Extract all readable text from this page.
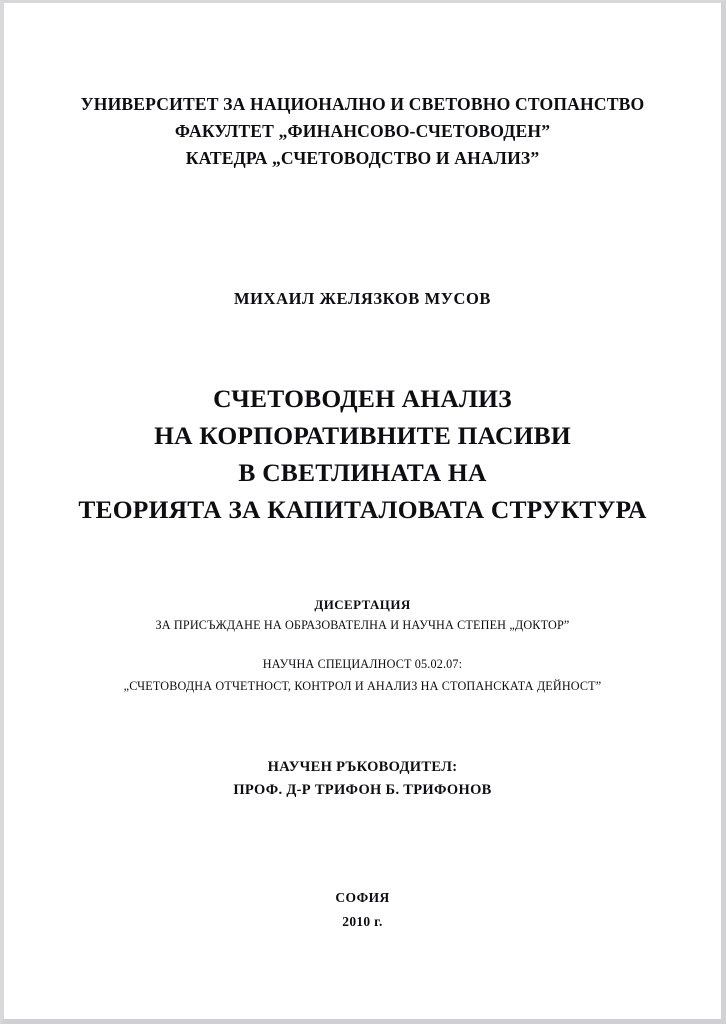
УНИВЕРСИТЕТ ЗА НАЦИОНАЛНО И СВЕТОВНО СТОПАНСТВО
ФАКУЛТЕТ „ФИНАНСОВО-СЧЕТОВОДЕН”
КАТЕДРА „СЧЕТОВОДСТВО И АНАЛИЗ”
МИХАИЛ ЖЕЛЯЗКОВ МУСОВ
СЧЕТОВОДЕН АНАЛИЗ
НА КОРПОРАТИВНИТЕ ПАСИВИ
В СВЕТЛИНАТА НА
ТЕОРИЯТА ЗА КАПИТАЛОВАТА СТРУКТУРА
ДИСЕРТАЦИЯ
ЗА ПРИСЪЖДАНЕ НА ОБРАЗОВАТЕЛНА И НАУЧНА СТЕПЕН „ДОКТОР”
НАУЧНА СПЕЦИАЛНОСТ 05.02.07:
„СЧЕТОВОДНА ОТЧЕТНОСТ, КОНТРОЛ И АНАЛИЗ НА СТОПАНСКАТА ДЕЙНОСТ”
НАУЧЕН РЪКОВОДИТЕЛ:
ПРОФ. Д-Р ТРИФОН Б. ТРИФОНОВ
СОФИЯ
2010 г.
